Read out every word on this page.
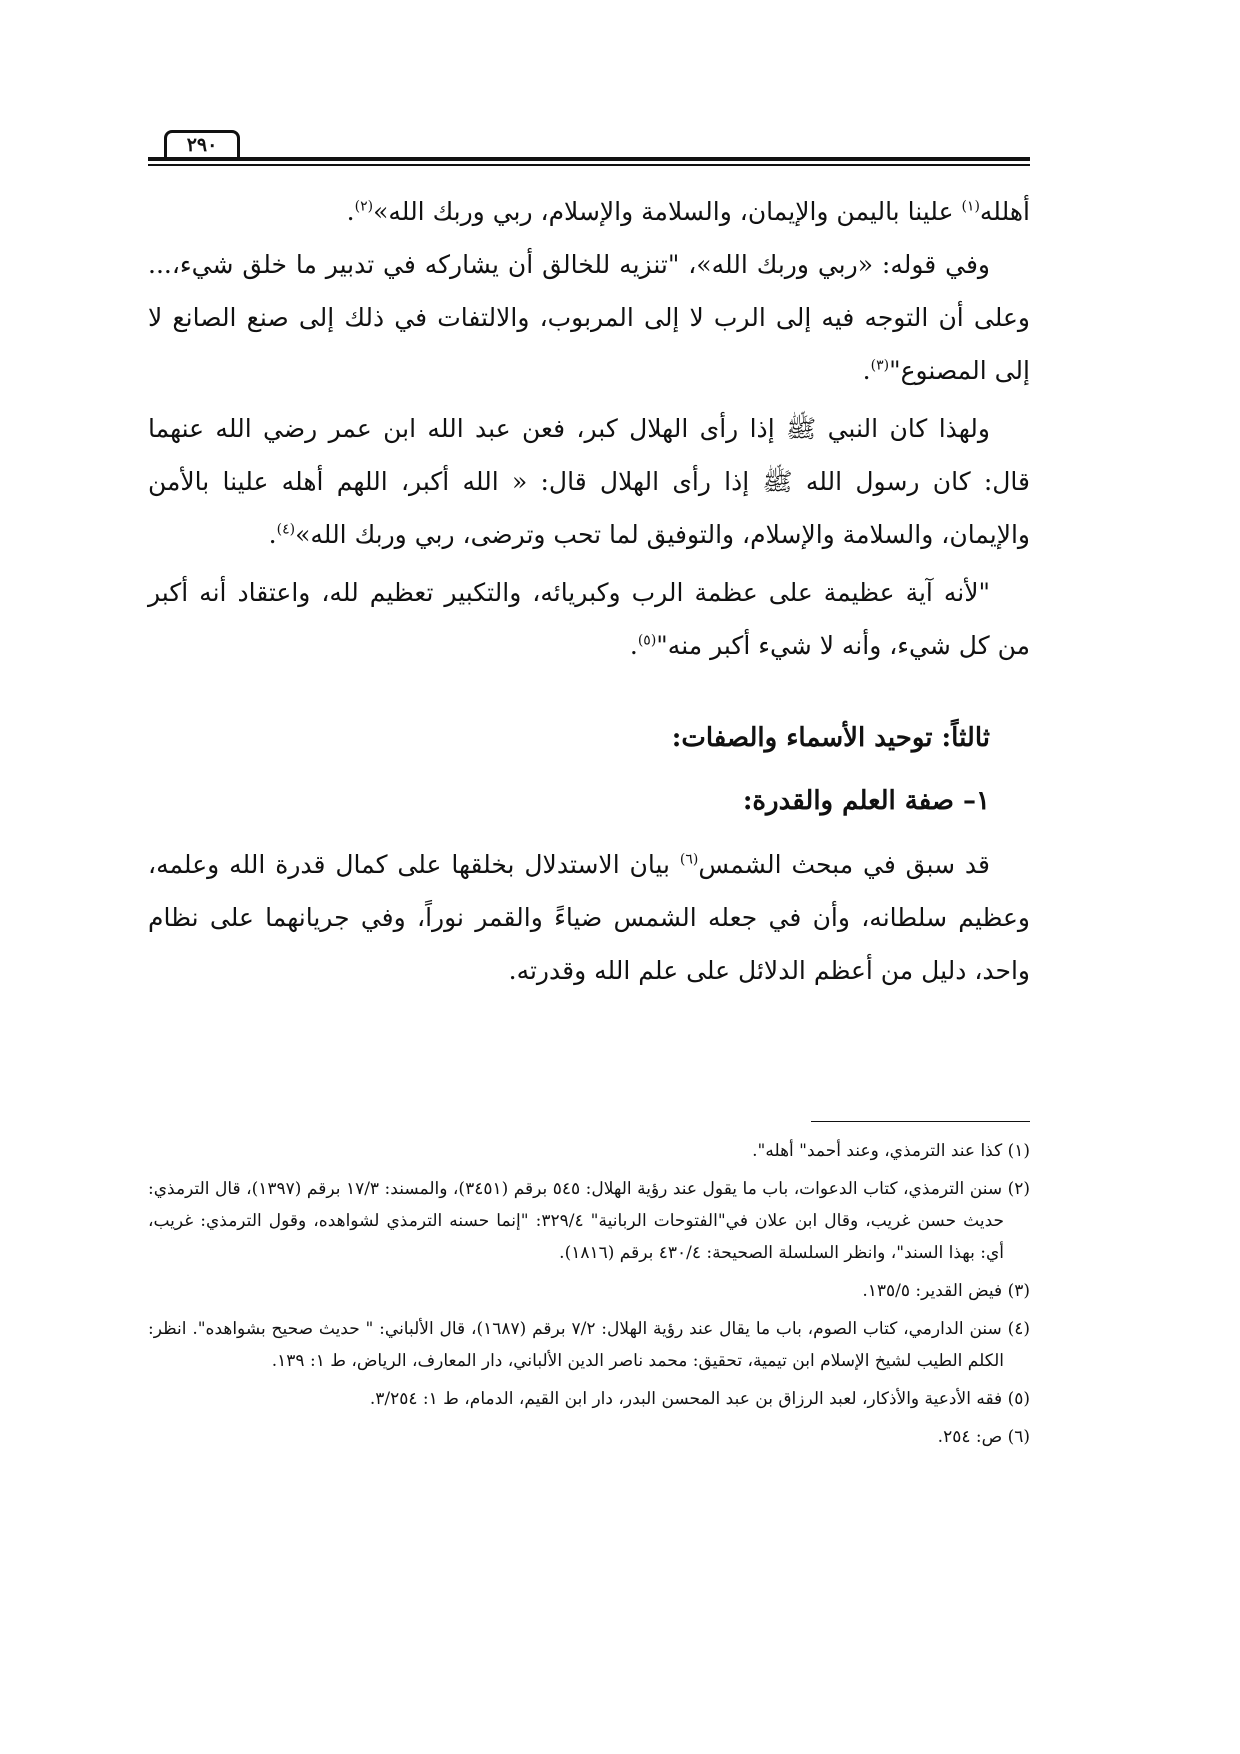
٢٩٠

أهلله$^{(١)}$ علينا باليمن والإيمان، والسلامة والإسلام، ربي وربك الله»$^{(٢)}$.

وفي قوله: «ربي وربك الله»، "تنزيه للخالق أن يشاركه في تدبير ما خلق شيء،... وعلى أن التوجه فيه إلى الرب لا إلى المربوب، والالتفات في ذلك إلى صنع الصانع لا إلى المصنوع"$^{(٣)}$.

ولهذا كان النبي ﷺ إذا رأى الهلال كبر، فعن عبد الله ابن عمر رضي الله عنهما قال: كان رسول الله ﷺ إذا رأى الهلال قال: « الله أكبر، اللهم أهله علينا بالأمن والإيمان، والسلامة والإسلام، والتوفيق لما تحب وترضى، ربي وربك الله»$^{(٤)}$.

"لأنه آية عظيمة على عظمة الرب وكبريائه، والتكبير تعظيم لله، واعتقاد أنه أكبر من كل شيء، وأنه لا شيء أكبر منه"$^{(٥)}$.

ثالثاً: توحيد الأسماء والصفات:

١– صفة العلم والقدرة:

قد سبق في مبحث الشمس$^{(٦)}$ بيان الاستدلال بخلقها على كمال قدرة الله وعلمه، وعظيم سلطانه، وأن في جعله الشمس ضياءً والقمر نوراً، وفي جريانهما على نظام واحد، دليل من أعظم الدلائل على علم الله وقدرته.

(١) كذا عند الترمذي، وعند أحمد" أهله".

(٢) سنن الترمذي، كتاب الدعوات، باب ما يقول عند رؤية الهلال: ٥٤٥ برقم (٣٤٥١)، والمسند: ١٧/٣ برقم (١٣٩٧)، قال الترمذي: حديث حسن غريب، وقال ابن علان في"الفتوحات الربانية" ٣٢٩/٤: "إنما حسنه الترمذي لشواهده، وقول الترمذي: غريب، أي: بهذا السند"، وانظر السلسلة الصحيحة: ٤٣٠/٤ برقم (١٨١٦).

(٣) فيض القدير: ١٣٥/٥.

(٤) سنن الدارمي، كتاب الصوم، باب ما يقال عند رؤية الهلال: ٧/٢ برقم (١٦٨٧)، قال الألباني: " حديث صحيح بشواهده". انظر: الكلم الطيب لشيخ الإسلام ابن تيمية، تحقيق: محمد ناصر الدين الألباني، دار المعارف، الرياض، ط ١: ١٣٩.

(٥) فقه الأدعية والأذكار، لعبد الرزاق بن عبد المحسن البدر، دار ابن القيم، الدمام، ط ١: ٣/٢٥٤.

(٦) ص: ٢٥٤.
